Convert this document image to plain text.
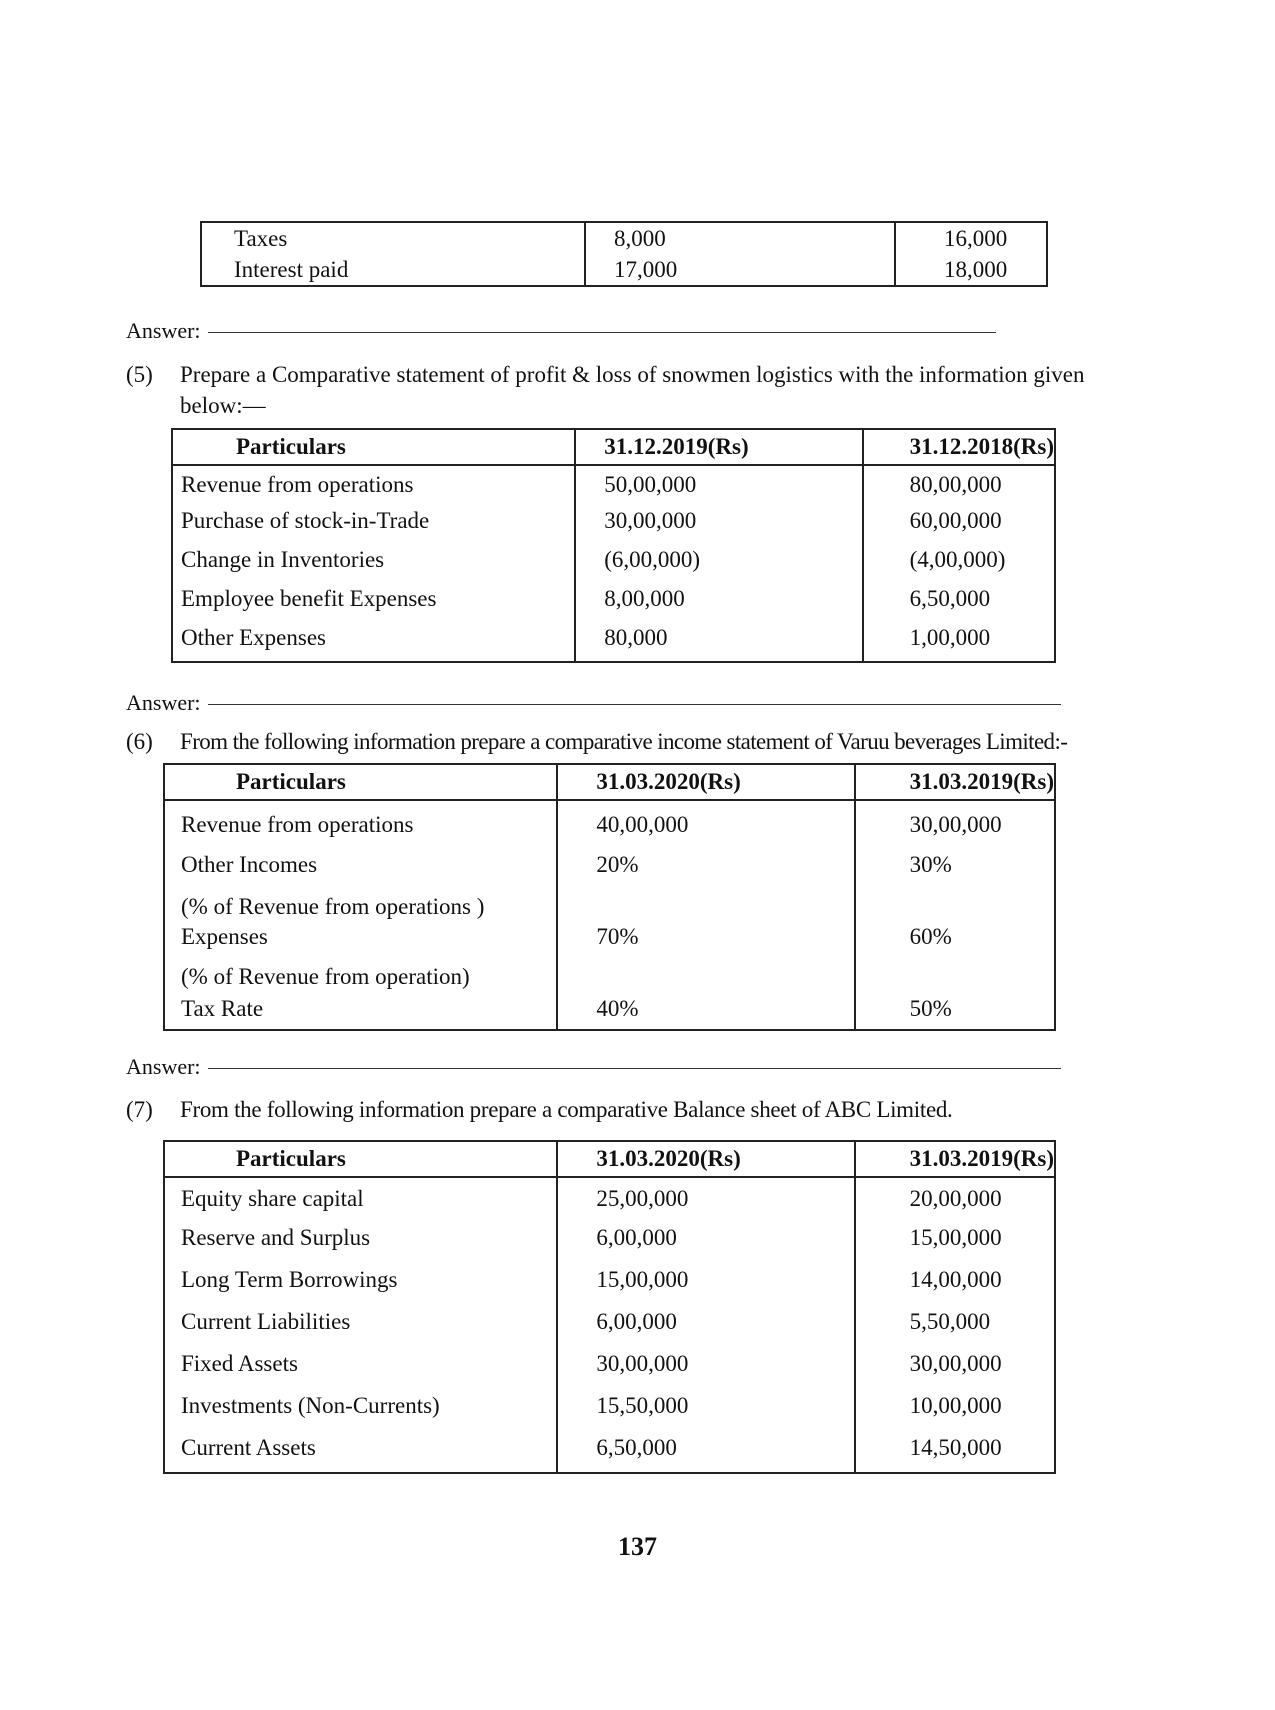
Taxes	8,000	16,000
Interest paid	17,000	18,000
Answer:
(5) Prepare a Comparative statement of profit & loss of snowmen logistics with the information given
below:—
Particulars	31.12.2019(Rs)	31.12.2018(Rs)
Revenue from operations	50,00,000	80,00,000
Purchase of stock-in-Trade	30,00,000	60,00,000
Change in Inventories	(6,00,000)	(4,00,000)
Employee benefit Expenses	8,00,000	6,50,000
Other Expenses	80,000	1,00,000
Answer:
(6) From the following information prepare a comparative income statement of Varuu beverages Limited:-
Particulars	31.03.2020(Rs)	31.03.2019(Rs)
Revenue from operations	40,00,000	30,00,000
Other Incomes	20%	30%
(% of Revenue from operations )		
Expenses	70%	60%
(% of Revenue from operation)		
Tax Rate	40%	50%
Answer:
(7) From the following information prepare a comparative Balance sheet of ABC Limited.
Particulars	31.03.2020(Rs)	31.03.2019(Rs)
Equity share capital	25,00,000	20,00,000
Reserve and Surplus	6,00,000	15,00,000
Long Term Borrowings	15,00,000	14,00,000
Current Liabilities	6,00,000	5,50,000
Fixed Assets	30,00,000	30,00,000
Investments (Non-Currents)	15,50,000	10,00,000
Current Assets	6,50,000	14,50,000
137
